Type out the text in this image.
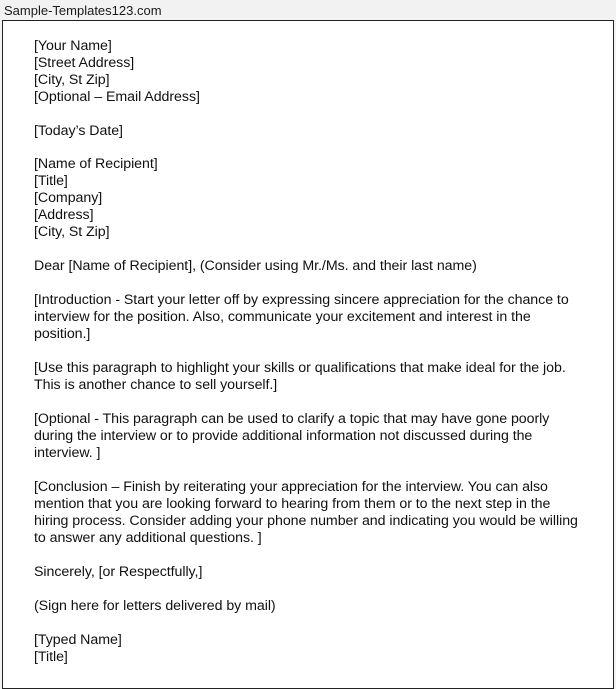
Sample-Templates123.com
[Your Name]
[Street Address]
[City, St Zip]
[Optional – Email Address]
[Today’s Date]
[Name of Recipient]
[Title]
[Company]
[Address]
[City, St Zip]
Dear [Name of Recipient], (Consider using Mr./Ms. and their last name)
[Introduction - Start your letter off by expressing sincere appreciation for the chance to
interview for the position. Also, communicate your excitement and interest in the
position.]
[Use this paragraph to highlight your skills or qualifications that make ideal for the job.
This is another chance to sell yourself.]
[Optional - This paragraph can be used to clarify a topic that may have gone poorly
during the interview or to provide additional information not discussed during the
interview. ]
[Conclusion – Finish by reiterating your appreciation for the interview. You can also
mention that you are looking forward to hearing from them or to the next step in the
hiring process. Consider adding your phone number and indicating you would be willing
to answer any additional questions. ]
Sincerely, [or Respectfully,]
(Sign here for letters delivered by mail)
[Typed Name]
[Title]
